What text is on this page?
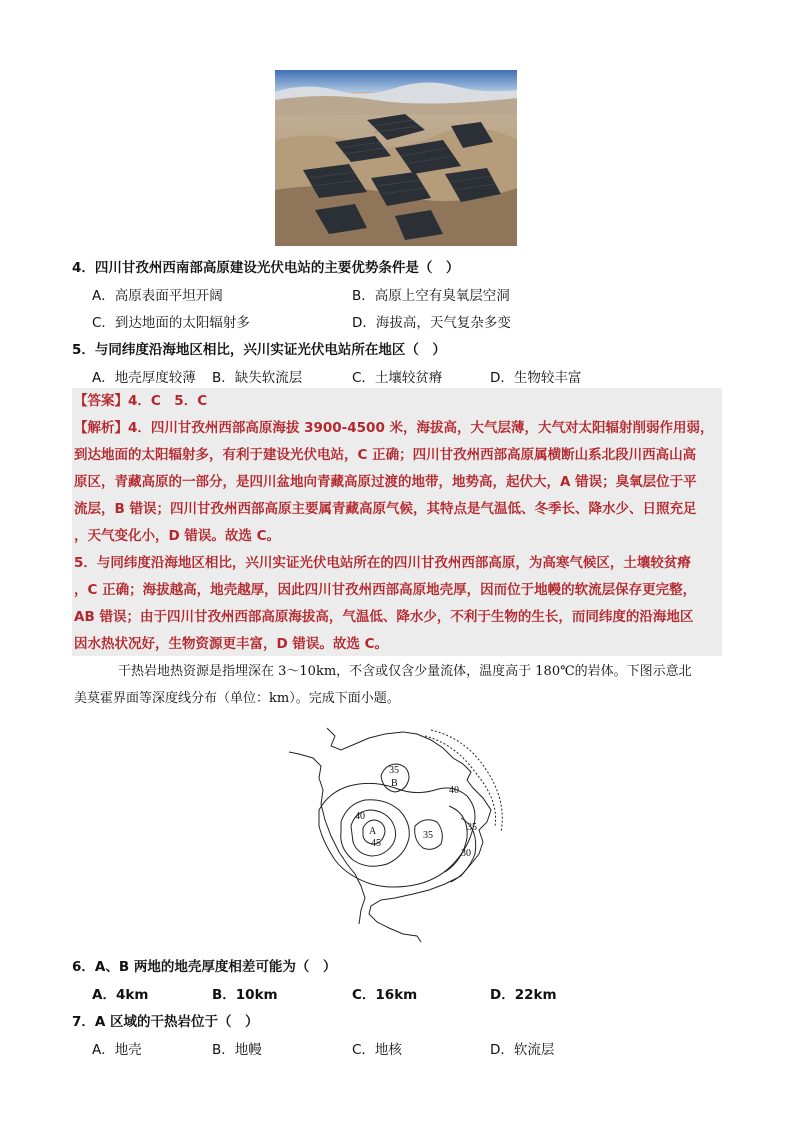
4．四川甘孜州西南部高原建设光伏电站的主要优势条件是（　）
A．高原表面平坦开阔	B．高原上空有臭氧层空洞
C．到达地面的太阳辐射多	D．海拔高，天气复杂多变
5．与同纬度沿海地区相比，兴川实证光伏电站所在地区（　）
A．地壳厚度较薄 B．缺失软流层	C．土壤较贫瘠	D．生物较丰富

【答案】4．C　5．C

【解析】4．四川甘孜州西部高原海拔 3900-4500 米，海拔高，大气层薄，大气对太阳辐射削弱作用弱，

到达地面的太阳辐射多，有利于建设光伏电站，C 正确；四川甘孜州西部高原属横断山系北段川西高山高

原区，青藏高原的一部分，是四川盆地向青藏高原过渡的地带，地势高，起伏大，A 错误；臭氧层位于平

流层，B 错误；四川甘孜州西部高原主要属青藏高原气候，其特点是气温低、冬季长、降水少、日照充足

，天气变化小，D 错误。故选 C。

5．与同纬度沿海地区相比，兴川实证光伏电站所在的四川甘孜州西部高原，为高寒气候区，土壤较贫瘠

，C 正确；海拔越高，地壳越厚，因此四川甘孜州西部高原地壳厚，因而位于地幔的软流层保存更完整，

AB 错误；由于四川甘孜州西部高原海拔高，气温低、降水少，不利于生物的生长，而同纬度的沿海地区

因水热状况好，生物资源更丰富，D 错误。故选 C。

干热岩地热资源是指埋深在 3～10km，不含或仅含少量流体，温度高于 180℃的岩体。下图示意北
美莫霍界面等深度线分布（单位：km）。完成下面小题。
35
B
40
40
A
45
35
35
30
6．A、B 两地的地壳厚度相差可能为（　）
A．4km	B．10km	C．16km	D．22km
7．A 区域的干热岩位于（　）
A．地壳	B．地幔	C．地核	D．软流层
